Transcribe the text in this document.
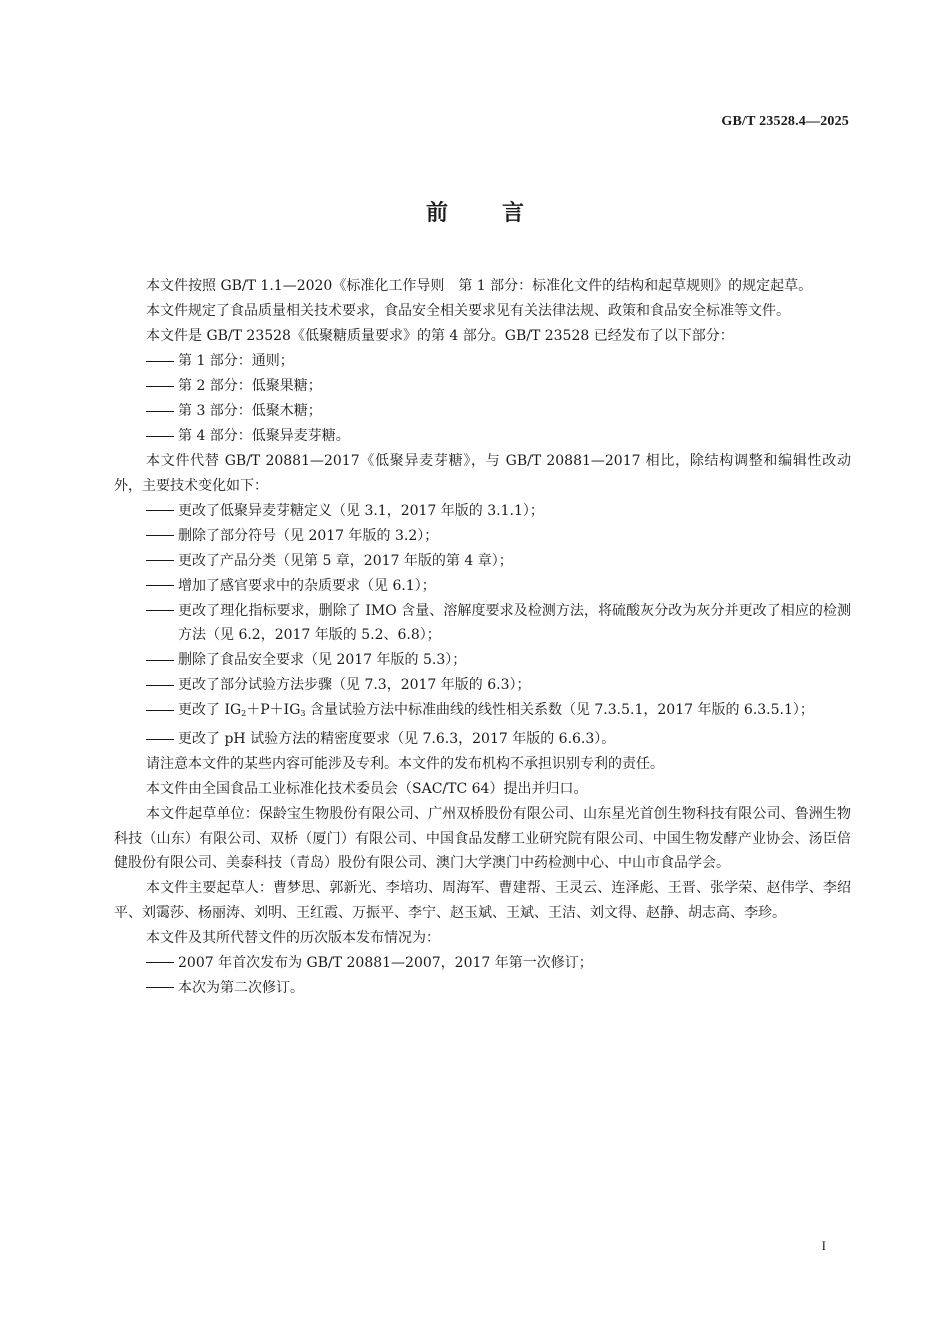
GB/T 23528.4—2025
前言
本文件按照 GB/T 1.1—2020《标准化工作导则　第 1 部分：标准化文件的结构和起草规则》的规定起草。
本文件规定了食品质量相关技术要求，食品安全相关要求见有关法律法规、政策和食品安全标准等文件。
本文件是 GB/T 23528《低聚糖质量要求》的第 4 部分。GB/T 23528 已经发布了以下部分：
第 1 部分：通则；
第 2 部分：低聚果糖；
第 3 部分：低聚木糖；
第 4 部分：低聚异麦芽糖。
本文件代替 GB/T 20881—2017《低聚异麦芽糖》，与 GB/T 20881—2017 相比，除结构调整和编辑性改动外，主要技术变化如下：
更改了低聚异麦芽糖定义（见 3.1，2017 年版的 3.1.1）；
删除了部分符号（见 2017 年版的 3.2）；
更改了产品分类（见第 5 章，2017 年版的第 4 章）；
增加了感官要求中的杂质要求（见 6.1）；
更改了理化指标要求，删除了 IMO 含量、溶解度要求及检测方法，将硫酸灰分改为灰分并更改了相应的检测方法（见 6.2，2017 年版的 5.2、6.8）；
删除了食品安全要求（见 2017 年版的 5.3）；
更改了部分试验方法步骤（见 7.3，2017 年版的 6.3）；
更改了 $IG_2+P+IG_3$ 含量试验方法中标准曲线的线性相关系数（见 7.3.5.1，2017 年版的 6.3.5.1）；
更改了 pH 试验方法的精密度要求（见 7.6.3，2017 年版的 6.6.3）。
请注意本文件的某些内容可能涉及专利。本文件的发布机构不承担识别专利的责任。
本文件由全国食品工业标准化技术委员会（SAC/TC 64）提出并归口。
本文件起草单位：保龄宝生物股份有限公司、广州双桥股份有限公司、山东星光首创生物科技有限公司、鲁洲生物科技（山东）有限公司、双桥（厦门）有限公司、中国食品发酵工业研究院有限公司、中国生物发酵产业协会、汤臣倍健股份有限公司、美泰科技（青岛）股份有限公司、澳门大学澳门中药检测中心、中山市食品学会。
本文件主要起草人：曹梦思、郭新光、李培功、周海军、曹建帮、王灵云、连泽彪、王晋、张学荣、赵伟学、李绍平、刘霭莎、杨丽涛、刘明、王红霞、万振平、李宁、赵玉斌、王斌、王洁、刘文得、赵静、胡志高、李珍。
本文件及其所代替文件的历次版本发布情况为：
2007 年首次发布为 GB/T 20881—2007，2017 年第一次修订；
本次为第二次修订。
I
